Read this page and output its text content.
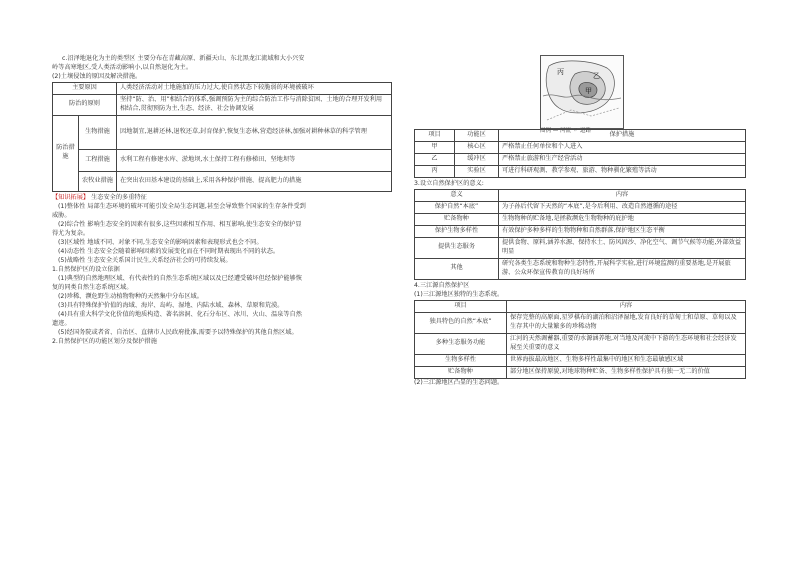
c.沼泽地退化为主的类型区 主要分布在青藏高原、新疆天山、东北黑龙江流域和大小兴安

岭等高寒地区,受人类活动影响小,以自然退化为主。

(2)土壤侵蚀的原因及解决措施。

主要原因		人类经济活动对土地施加的压力过大,使自然状态下较脆弱的环境被破坏
防治的原则		坚持“防、治、用”相结合的体系,强调预防为主的综合防治工作与消除贫困、土地的合理开发利用相结合,贯彻预防为主,生态、经济、社会协调发展
防治措施	生物措施	因地制宜,退耕还林,退牧还草,封育保护,恢复生态林,营造经济林,加强对耕种林草的科学管理
	工程措施	水利工程有修建水库、淤地坝,水土保持工程有修梯田、坚地坝等
	农牧业措施	在突出农田基本建设的基础上,采用各种保护措施、提高肥力的措施

【知识拓展】 生态安全的多重特征

(1)整体性 局部生态环境的破坏可能引发全局生态问题,甚至会导致整个国家的生存条件受到

威胁。

(2)综合性 影响生态安全的因素有很多,这些因素相互作用、相互影响,使生态安全的保护显

得尤为复杂。

(3)区域性 地域不同、对象不同,生态安全的影响因素和表现形式也会不同。

(4)动态性 生态安全会随着影响因素的发展变化而在不同时期表现出不同的状态。

(5)战略性 生态安全关系国计民生,关系经济社会的可持续发展。

1.自然保护区的设立依据

(1)典型的自然地理区域、有代表性的自然生态系统区域以及已经遭受破坏但经保护能够恢

复的同类自然生态系统区域。

(2)珍稀、濒危野生动植物物种的天然集中分布区域。

(3)具有特殊保护价值的海域、海岸、岛屿、湿地、内陆水域、森林、草原和荒漠。

(4)具有重大科学文化价值的地质构造、著名溶洞、化石分布区、冰川、火山、温泉等自然

遗迹。

(5)经国务院或者省、自治区、直辖市人民政府批准,需要予以特殊保护的其他自然区域。

2.自然保护区的功能区划分及保护措施

丙	乙
甲
图例 — 河流 〃 道路
项目	功能区	保护措施
甲	核心区	严格禁止任何单位和个人进入
乙	缓冲区	严格禁止旅游和生产经营活动
丙	实验区	可进行科研观测、教学参观、旅游、物种驯化繁殖等活动

3.设立自然保护区的意义:

意义	内容
保护自然“本底”	为子孙后代留下天然的“本底”,是今后利用、改造自然遵循的途径
贮备物种	生物物种的贮备地,是拯救濒危生物物种的庇护地
保护生物多样性	有效保护多种多样的生物物种和自然群落,保护地区生态平衡
提供生态服务	提供食物、原料,涵养水源、保持水土、防风固沙、净化空气、调节气候等功能,外部效益明显
其他	研究各类生态系统和物种生态特性,开展科学实验,进行环境监测的重要基地,是开展旅游、公众环保宣传教育的良好场所

4.三江源自然保护区

(1)三江源地区独特的生态系统。

项目	内容
独具特色的自然“本底”	保存完整的高原面,星罗棋布的湖泊和沼泽湿地,发育良好的草甸土和草原、草甸以及生存其中的大量繁多的珍稀动物
多种生态服务功能	江河的天然调蓄器,重要的水源涵养地,对当地及河流中下游的生态环境和社会经济发展至关重要的意义
生物多样性	世界海拔最高地区、生物多样性最集中的地区和生态最敏感区域
贮备物种	部分地区保持原貌,对地球物种贮备、生物多样性保护具有独一无二的价值

(2)三江源地区凸显的生态问题。
